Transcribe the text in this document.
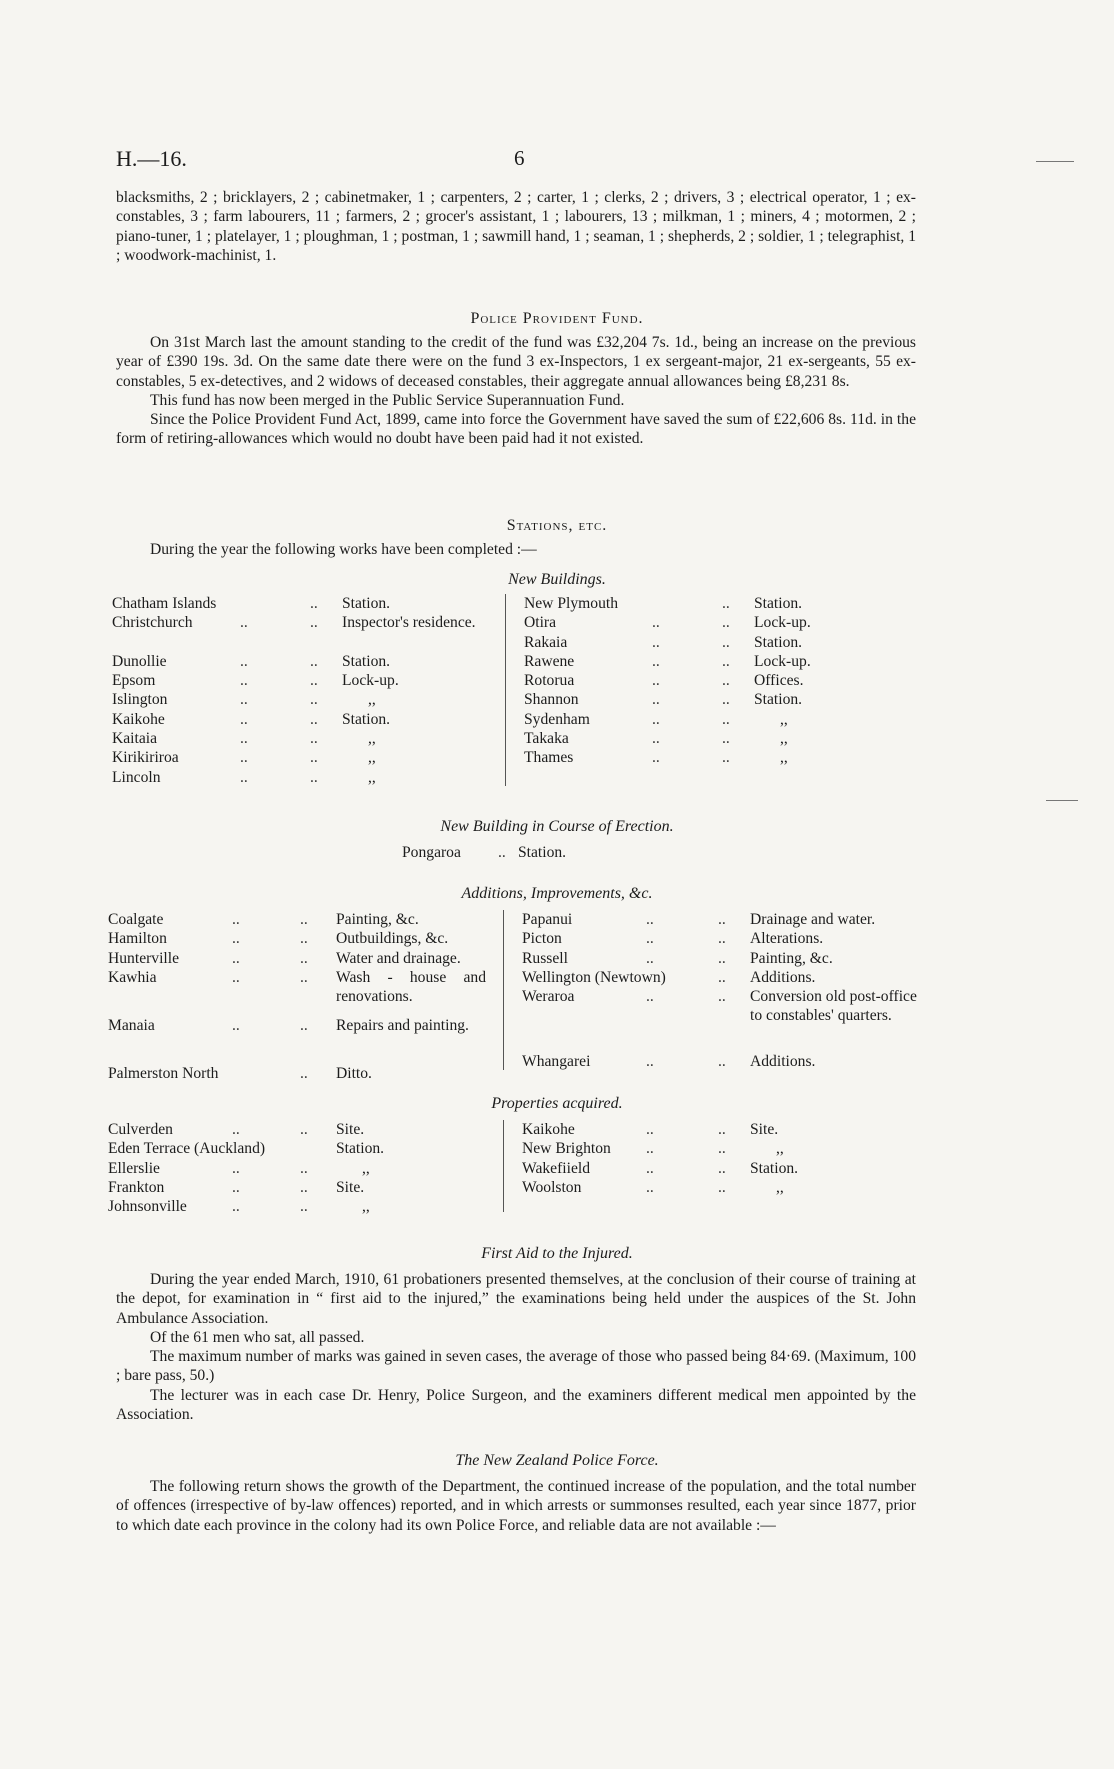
H.—16.	6

blacksmiths, 2 ; bricklayers, 2 ; cabinetmaker, 1 ; carpenters, 2 ; carter, 1 ; clerks, 2 ; drivers, 3 ; electrical operator, 1 ; ex-constables, 3 ; farm labourers, 11 ; farmers, 2 ; grocer's assistant, 1 ; labourers, 13 ; milkman, 1 ; miners, 4 ; motormen, 2 ; piano-tuner, 1 ; platelayer, 1 ; ploughman, 1 ; postman, 1 ; sawmill hand, 1 ; seaman, 1 ; shepherds, 2 ; soldier, 1 ; telegraphist, 1 ; woodwork-machinist, 1.

Police Provident Fund.

On 31st March last the amount standing to the credit of the fund was £32,204 7s. 1d., being an increase on the previous year of £390 19s. 3d. On the same date there were on the fund 3 ex-Inspectors, 1 ex sergeant-major, 21 ex-sergeants, 55 ex-constables, 5 ex-detectives, and 2 widows of deceased constables, their aggregate annual allowances being £8,231 8s.

This fund has now been merged in the Public Service Superannuation Fund.

Since the Police Provident Fund Act, 1899, came into force the Government have saved the sum of £22,606 8s. 11d. in the form of retiring-allowances which would no doubt have been paid had it not existed.

Stations, etc.

During the year the following works have been completed :—

New Buildings.
Chatham Islands	.. Station.
Christchurch	..	.. Inspector's residence.
Dunollie	..	.. Station.
Epsom	..	.. Lock-up.
Islington	..	..	,,
Kaikohe	..	.. Station.
Kaitaia	..	..	,,
Kirikiriroa	..	..	,,
Lincoln	..	..	,,
New Plymouth	.. Station.
Otira	..	.. Lock-up.
Rakaia	..	.. Station.
Rawene	..	.. Lock-up.
Rotorua	..	.. Offices.
Shannon	..	.. Station.
Sydenham	..	..	,,
Takaka	..	..	,,
Thames	..	..	,,
New Building in Course of Erection.
Pongaroa .. Station.
Additions, Improvements, &c.
Coalgate	..	.. Painting, &c.
Hamilton	..	.. Outbuildings, &c.
Hunterville	..	.. Water and drainage.
Kawhia	..	.. Wash - house and renovations.
Manaia	..	.. Repairs and painting.
Palmerston North	.. Ditto.
Papanui	..	.. Drainage and water.
Picton	..	.. Alterations.
Russell	..	.. Painting, &c.
Wellington (Newtown)	.. Additions.
Weraroa	..	.. Conversion old post-office to constables' quarters.
Whangarei	..	.. Additions.
Properties acquired.
Culverden	..	.. Site.
Eden Terrace (Auckland)	Station.
Ellerslie	..	..	,,
Frankton	..	.. Site.
Johnsonville	..	..	,,
Kaikohe	..	.. Site.
New Brighton ..	..	,,
Wakefiield	..	.. Station.
Woolston	..	..	,,
First Aid to the Injured.

During the year ended March, 1910, 61 probationers presented themselves, at the conclusion of their course of training at the depot, for examination in “ first aid to the injured,” the examinations being held under the auspices of the St. John Ambulance Association.

Of the 61 men who sat, all passed.

The maximum number of marks was gained in seven cases, the average of those who passed being 84·69. (Maximum, 100 ; bare pass, 50.)

The lecturer was in each case Dr. Henry, Police Surgeon, and the examiners different medical men appointed by the Association.

The New Zealand Police Force.

The following return shows the growth of the Department, the continued increase of the population, and the total number of offences (irrespective of by-law offences) reported, and in which arrests or summonses resulted, each year since 1877, prior to which date each province in the colony had its own Police Force, and reliable data are not available :—
